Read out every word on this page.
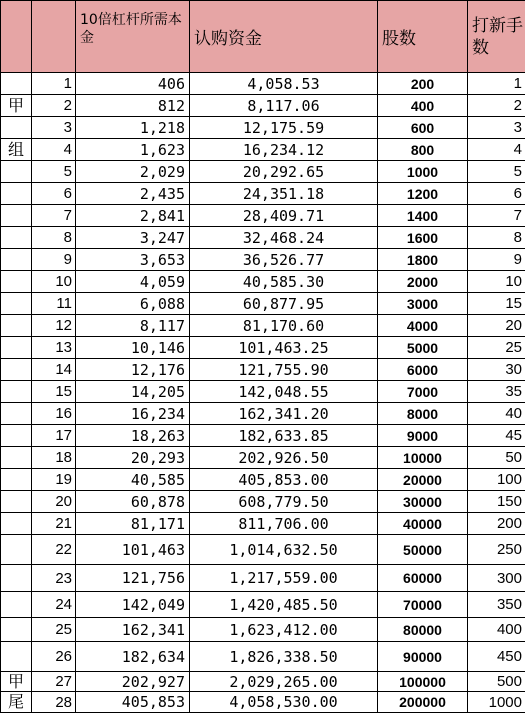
		10倍杠杆所需本金	认购资金	股数	打新手数
	1	406	4,058.53	200	1
甲	2	812	8,117.06	400	2
	3	1,218	12,175.59	600	3
组	4	1,623	16,234.12	800	4
	5	2,029	20,292.65	1000	5
	6	2,435	24,351.18	1200	6
	7	2,841	28,409.71	1400	7
	8	3,247	32,468.24	1600	8
	9	3,653	36,526.77	1800	9
	10	4,059	40,585.30	2000	10
	11	6,088	60,877.95	3000	15
	12	8,117	81,170.60	4000	20
	13	10,146	101,463.25	5000	25
	14	12,176	121,755.90	6000	30
	15	14,205	142,048.55	7000	35
	16	16,234	162,341.20	8000	40
	17	18,263	182,633.85	9000	45
	18	20,293	202,926.50	10000	50
	19	40,585	405,853.00	20000	100
	20	60,878	608,779.50	30000	150
	21	81,171	811,706.00	40000	200
	22	101,463	1,014,632.50	50000	250
	23	121,756	1,217,559.00	60000	300
	24	142,049	1,420,485.50	70000	350
	25	162,341	1,623,412.00	80000	400
	26	182,634	1,826,338.50	90000	450
甲	27	202,927	2,029,265.00	100000	500
尾	28	405,853	4,058,530.00	200000	1000
